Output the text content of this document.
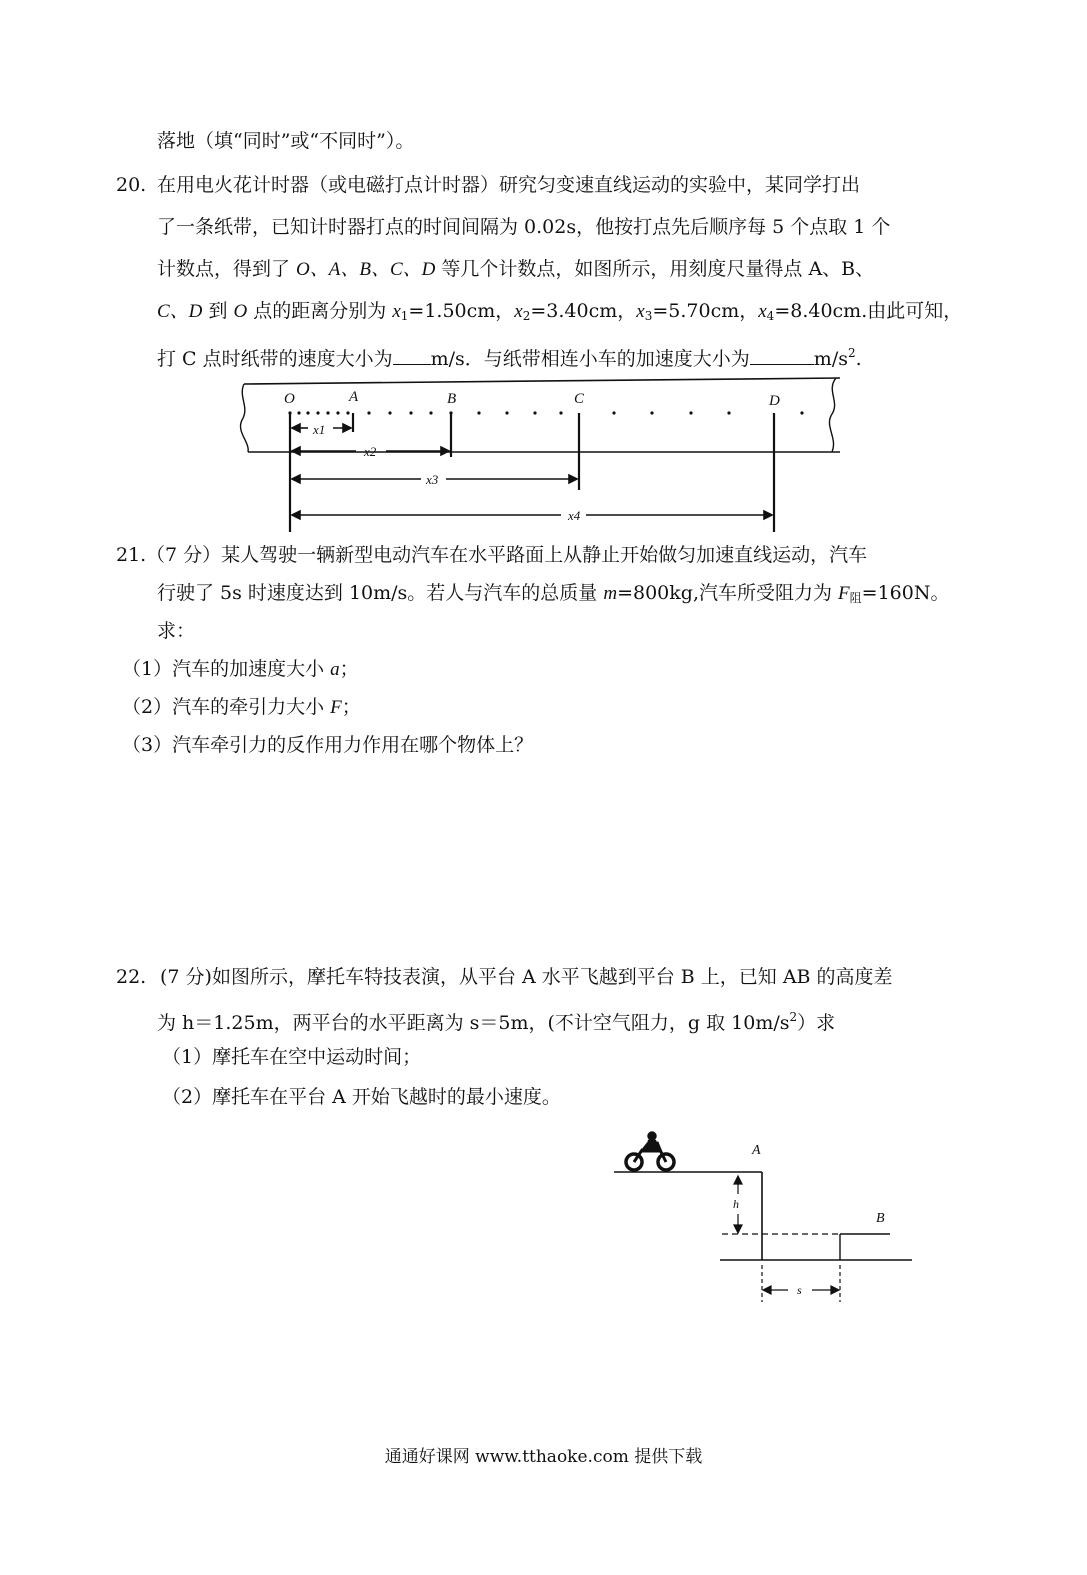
落地（填“同时”或“不同时”）。
20. 在用电火花计时器（或电磁打点计时器）研究匀变速直线运动的实验中，某同学打出
了一条纸带，已知计时器打点的时间间隔为 0.02s，他按打点先后顺序每 5 个点取 1 个
计数点，得到了 O、A、B、C、D 等几个计数点，如图所示，用刻度尺量得点 A、B、
C、D 到 O 点的距离分别为 $x_1=1.50cm$，$x_2=3.40cm$，$x_3=5.70cm$，$x_4=8.40cm$.由此可知，
打 C 点时纸带的速度大小为 m/s．与纸带相连小车的加速度大小为	$m/s^2$.
O	A	B	C	D
x1
x2
x3
x4
21. （7 分）某人驾驶一辆新型电动汽车在水平路面上从静止开始做匀加速直线运动，汽车
行驶了 5s 时速度达到 10m/s。若人与汽车的总质量 m=800kg,汽车所受阻力为 $F_阻=160N$。
求：
（1）汽车的加速度大小 a；
（2）汽车的牵引力大小 F；
（3）汽车牵引力的反作用力作用在哪个物体上？
22. (7 分)如图所示，摩托车特技表演，从平台 A 水平飞越到平台 B 上，已知 AB 的高度差
为 h＝1.25m，两平台的水平距离为 s＝5m，(不计空气阻力，g 取 $10m/s^2$）求
（1）摩托车在空中运动时间；
（2）摩托车在平台 A 开始飞越时的最小速度。
h
s
A
B
通通好课网 www.tthaoke.com 提供下载
